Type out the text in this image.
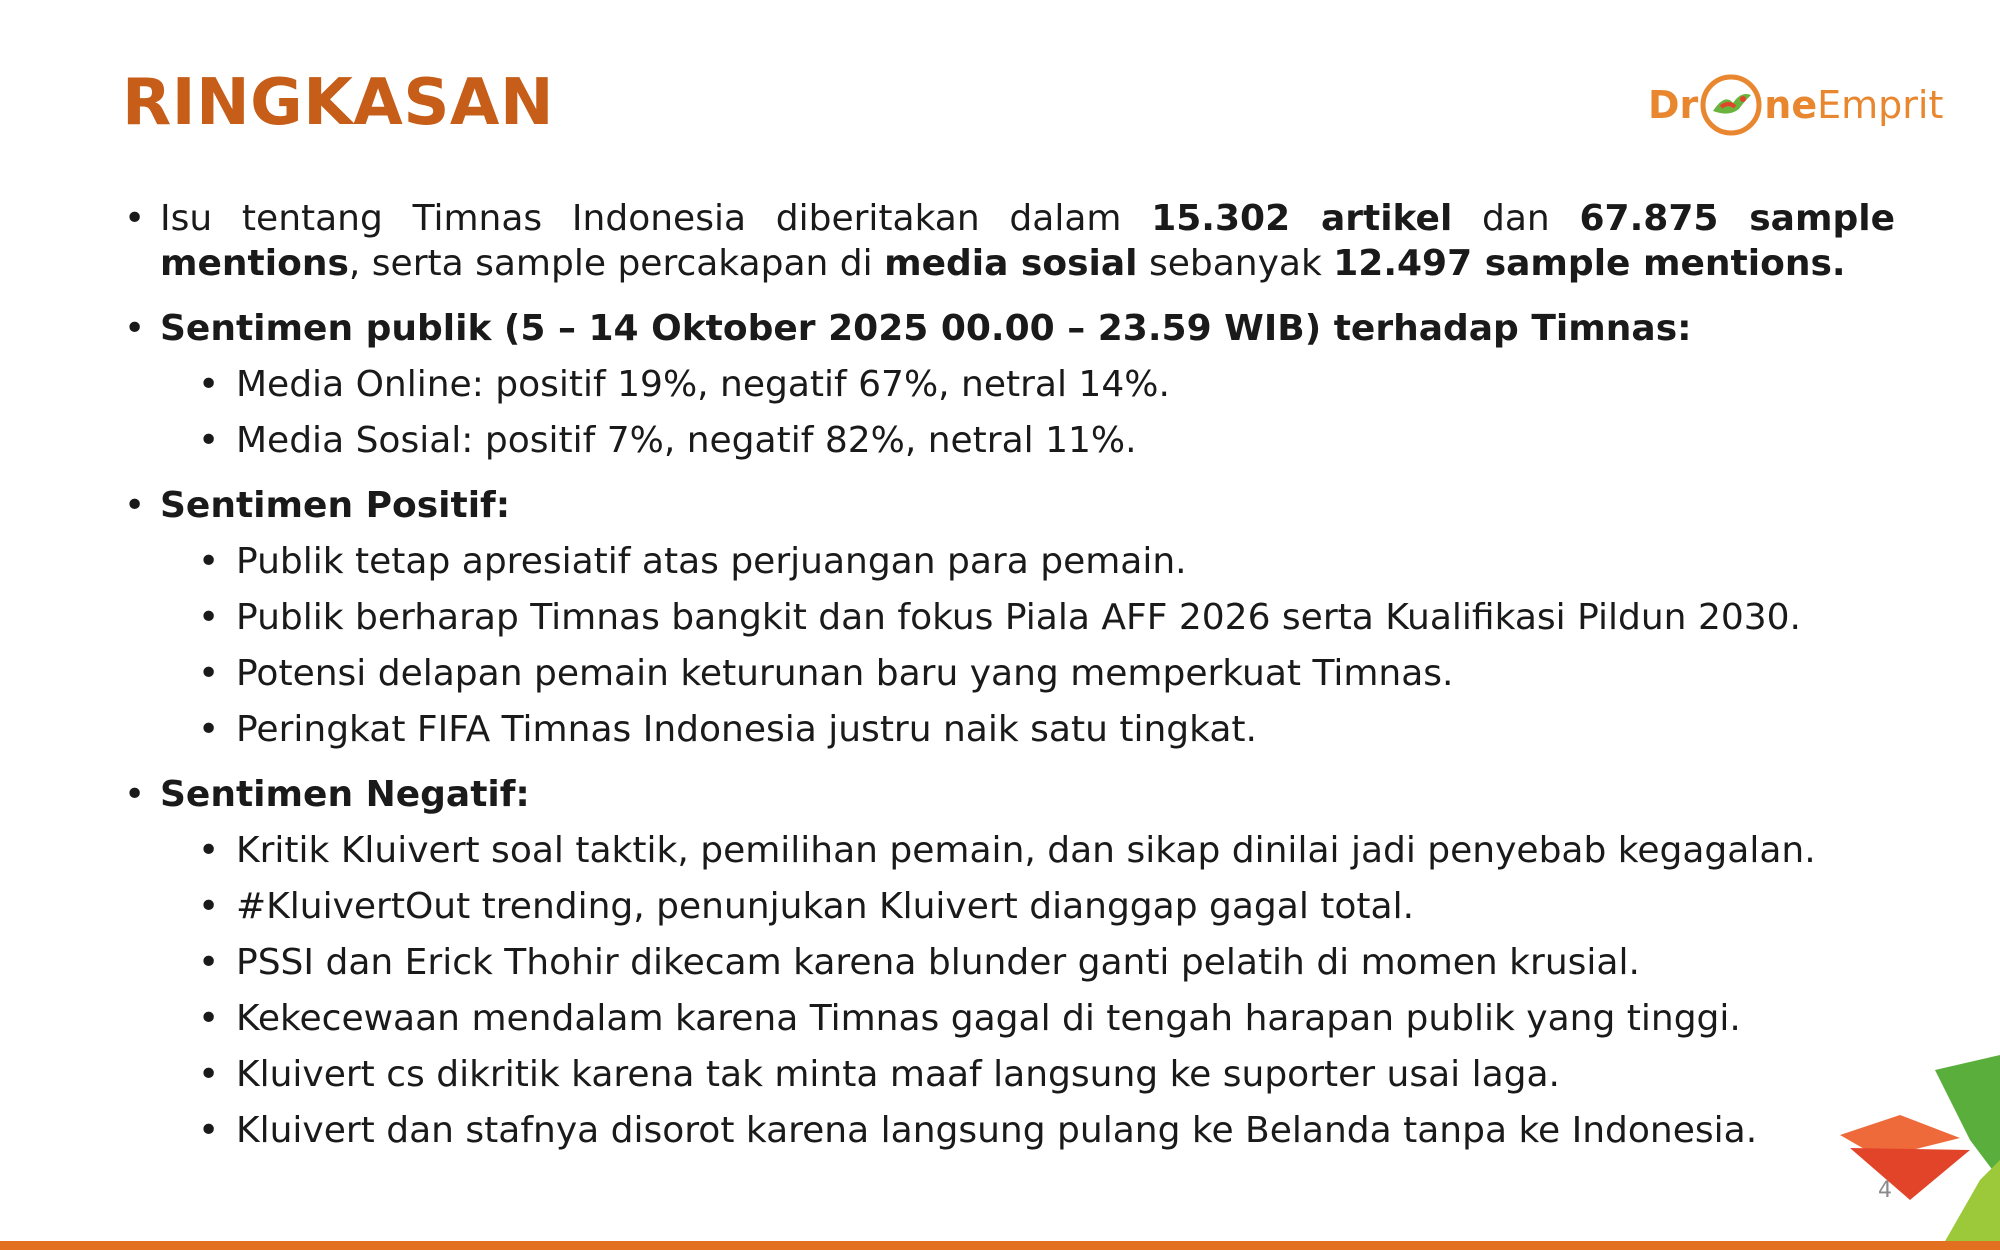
RINGKASAN	Dr ne Emprit
• Isu tentang Timnas Indonesia diberitakan dalam 15.302 artikel dan 67.875 sample mentions, serta sample percakapan di media sosial sebanyak 12.497 sample mentions.
• Sentimen publik (5 – 14 Oktober 2025 00.00 – 23.59 WIB) terhadap Timnas:
• Media Online: positif 19%, negatif 67%, netral 14%.
• Media Sosial: positif 7%, negatif 82%, netral 11%.
• Sentimen Positif:
• Publik tetap apresiatif atas perjuangan para pemain.
• Publik berharap Timnas bangkit dan fokus Piala AFF 2026 serta Kualifikasi Pildun 2030.
• Potensi delapan pemain keturunan baru yang memperkuat Timnas.
• Peringkat FIFA Timnas Indonesia justru naik satu tingkat.
• Sentimen Negatif:
• Kritik Kluivert soal taktik, pemilihan pemain, dan sikap dinilai jadi penyebab kegagalan.
• #KluivertOut trending, penunjukan Kluivert dianggap gagal total.
• PSSI dan Erick Thohir dikecam karena blunder ganti pelatih di momen krusial.
• Kekecewaan mendalam karena Timnas gagal di tengah harapan publik yang tinggi.
• Kluivert cs dikritik karena tak minta maaf langsung ke suporter usai laga.
• Kluivert dan stafnya disorot karena langsung pulang ke Belanda tanpa ke Indonesia.
4
